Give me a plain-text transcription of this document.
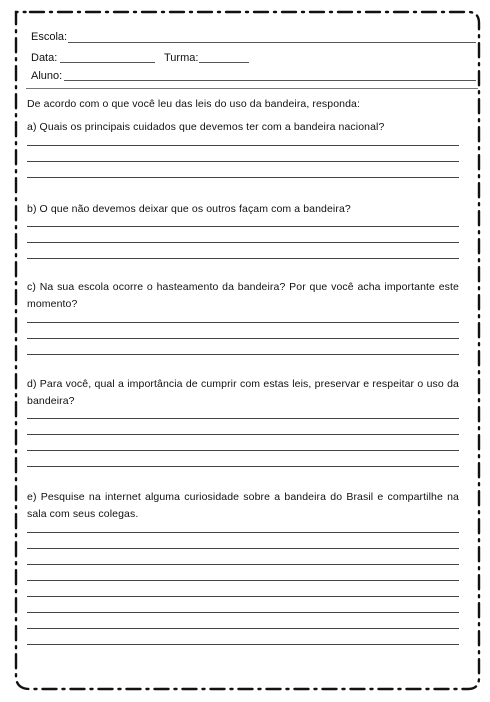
Escola:
Data:	Turma:
Aluno:
De acordo com o que você leu das leis do uso da bandeira, responda:
a) Quais os principais cuidados que devemos ter com a bandeira nacional?
b) O que não devemos deixar que os outros façam com a bandeira?
c) Na sua escola ocorre o hasteamento da bandeira? Por que você acha importante este momento?
d) Para você, qual a importância de cumprir com estas leis, preservar e respeitar o uso da bandeira?
e) Pesquise na internet alguma curiosidade sobre a bandeira do Brasil e compartilhe na sala com seus colegas.
